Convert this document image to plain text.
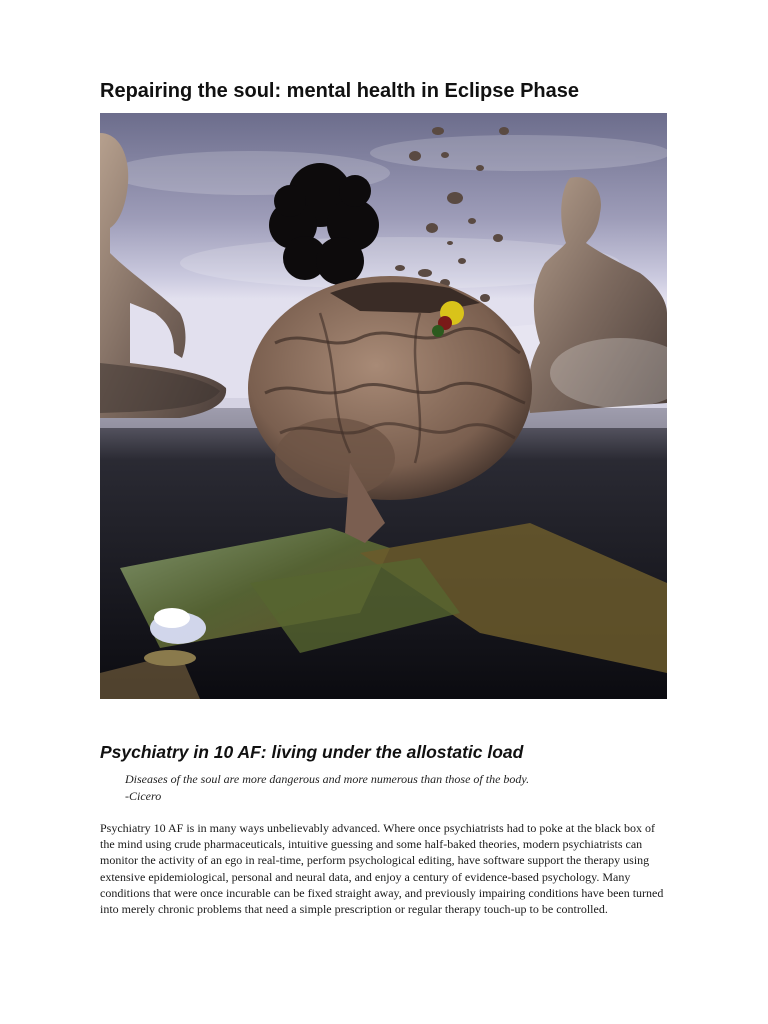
Repairing the soul: mental health in Eclipse Phase
Psychiatry in 10 AF: living under the allostatic load

Diseases of the soul are more dangerous and more numerous than those of the body.

-Cicero

Psychiatry 10 AF is in many ways unbelievably advanced. Where once psychiatrists had to poke at the black box of the mind using crude pharmaceuticals, intuitive guessing and some half-baked theories, modern psychiatrists can monitor the activity of an ego in real-time, perform psychological editing, have software support the therapy using extensive epidemiological, personal and neural data, and enjoy a century of evidence-based psychology. Many conditions that were once incurable can be fixed straight away, and previously impairing conditions have been turned into merely chronic problems that need a simple prescription or regular therapy touch-up to be controlled.
